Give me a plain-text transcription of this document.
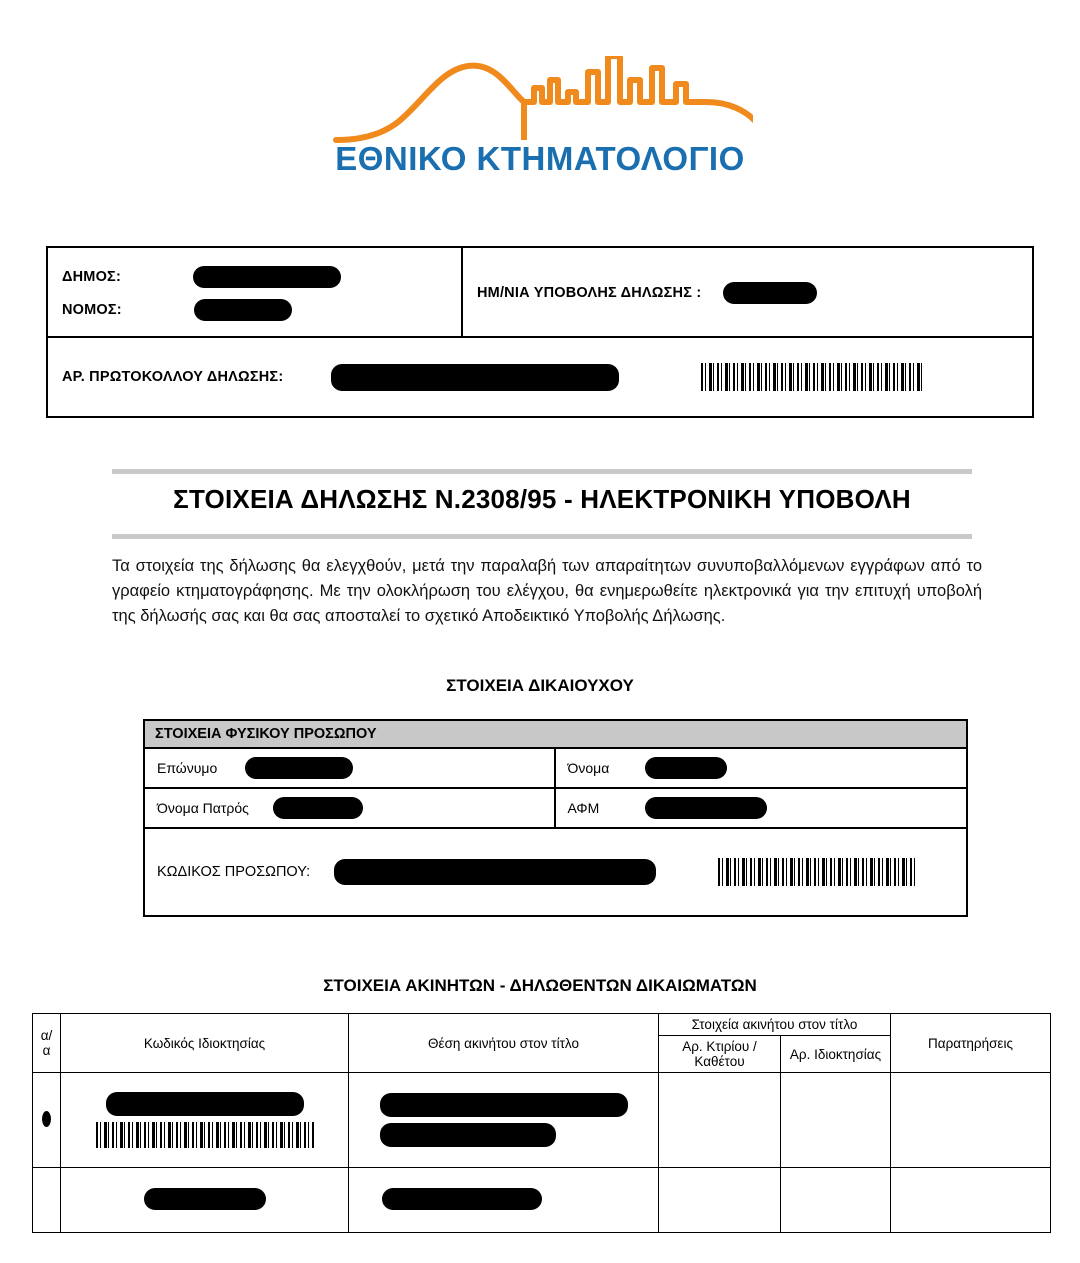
ΕΘΝΙΚΟ ΚΤΗΜΑΤΟΛΟΓΙΟ
ΔΗΜΟΣ:
ΝΟΜΟΣ:
ΗΜ/ΝΙΑ ΥΠΟΒΟΛΗΣ ΔΗΛΩΣΗΣ :
ΑΡ. ΠΡΩΤΟΚΟΛΛΟΥ ΔΗΛΩΣΗΣ:
ΣΤΟΙΧΕΙΑ ΔΗΛΩΣΗΣ Ν.2308/95 - ΗΛΕΚΤΡΟΝΙΚΗ ΥΠΟΒΟΛΗ
Τα στοιχεία της δήλωσης θα ελεγχθούν, μετά την παραλαβή των απαραίτητων συνυποβαλλόμενων εγγράφων από το γραφείο κτηματογράφησης. Με την ολοκλήρωση του ελέγχου, θα ενημερωθείτε ηλεκτρονικά για την επιτυχή υποβολή της δήλωσής σας και θα σας αποσταλεί το σχετικό Αποδεικτικό Υποβολής Δήλωσης.
ΣΤΟΙΧΕΙΑ ΔΙΚΑΙΟΥΧΟΥ
ΣΤΟΙΧΕΙΑ ΦΥΣΙΚΟΥ ΠΡΟΣΩΠΟΥ
Επώνυμο	Όνομα
Όνομα Πατρός	ΑΦΜ
ΚΩΔΙΚΟΣ ΠΡΟΣΩΠΟΥ:
ΣΤΟΙΧΕΙΑ ΑΚΙΝΗΤΩΝ - ΔΗΛΩΘΕΝΤΩΝ ΔΙΚΑΙΩΜΑΤΩΝ
α/α	Κωδικός Ιδιοκτησίας	Θέση ακινήτου στον τίτλο	Στοιχεία ακινήτου στον τίτλο		Παρατηρήσεις
			Αρ. Κτιρίου / Καθέτου	Αρ. Ιδιοκτησίας	
